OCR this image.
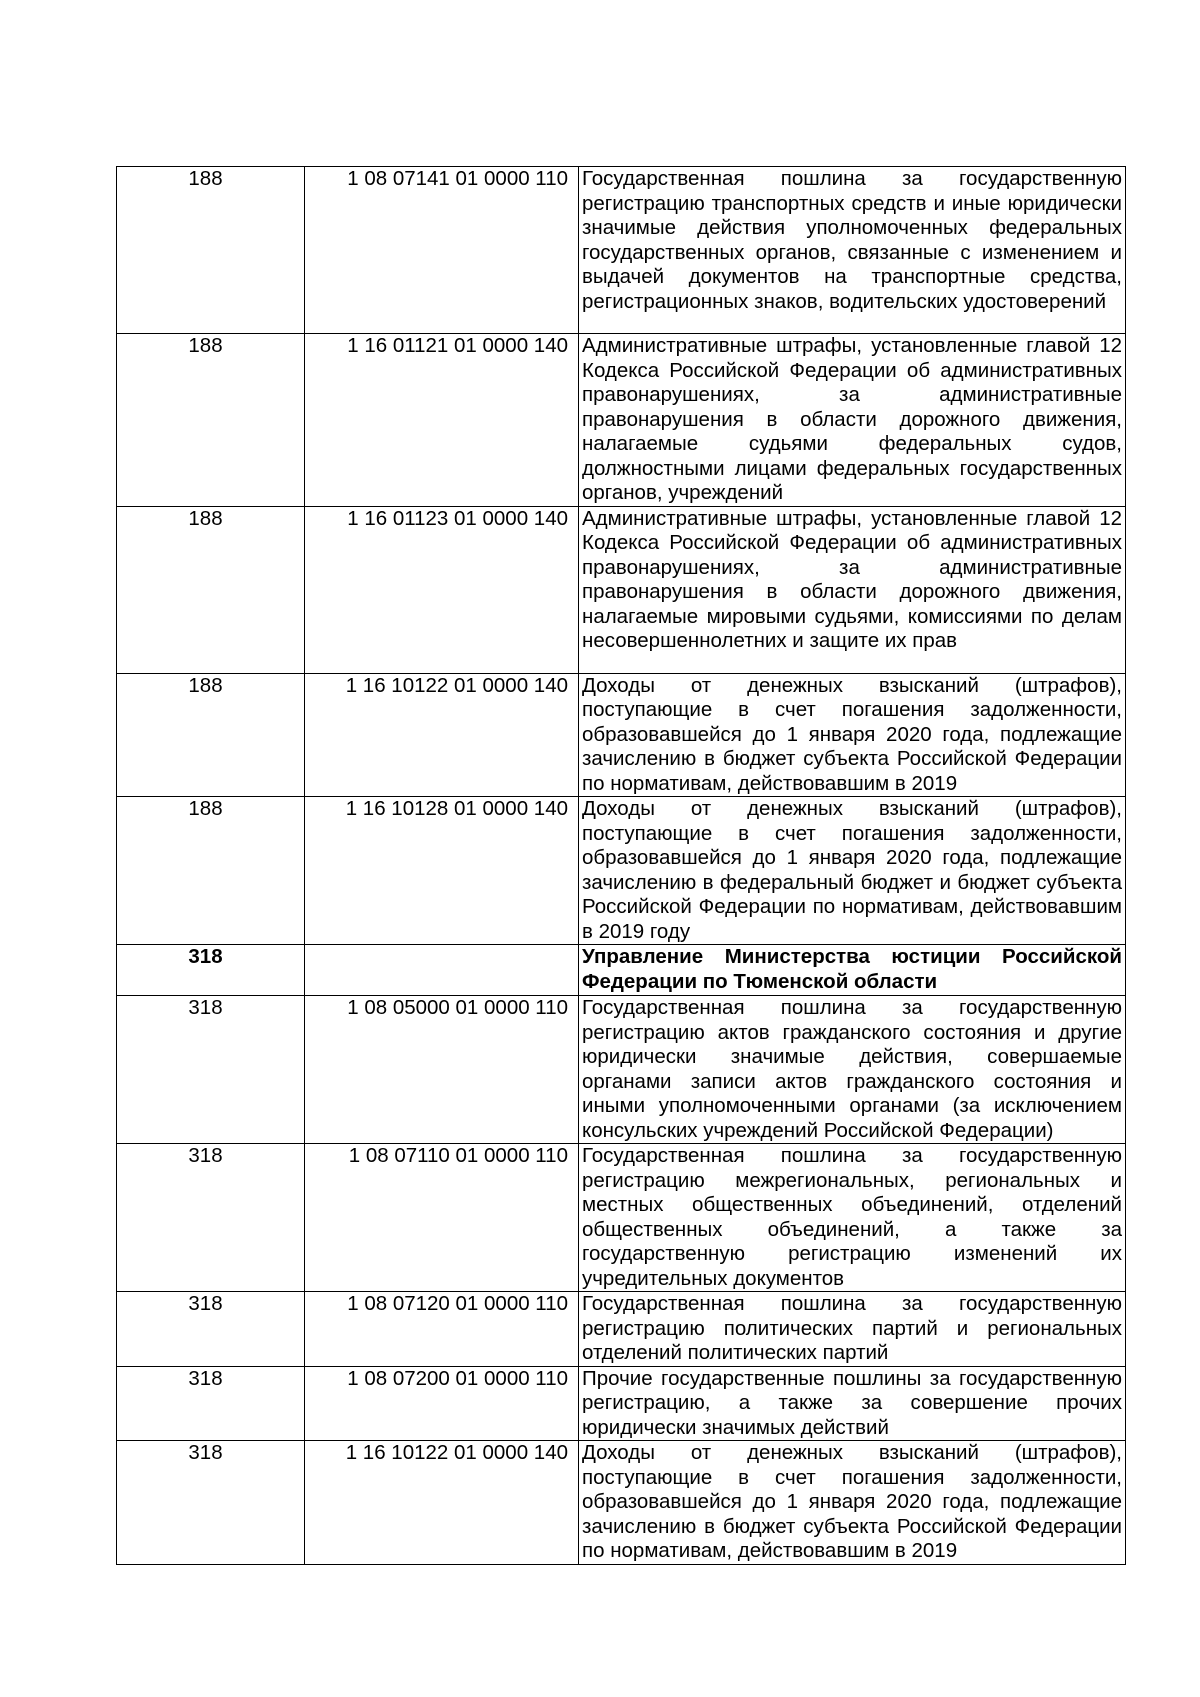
188	1 08 07141 01 0000 110	Государственная пошлина за государственную регистрацию транспортных средств и иные юридически значимые действия уполномоченных федеральных государственных органов, связанные с изменением и выдачей документов на транспортные средства, регистрационных знаков, водительских удостоверений
188	1 16 01121 01 0000 140	Административные штрафы, установленные главой 12 Кодекса Российской Федерации об административных правонарушениях, за административные правонарушения в области дорожного движения, налагаемые судьями федеральных судов, должностными лицами федеральных государственных органов, учреждений
188	1 16 01123 01 0000 140	Административные штрафы, установленные главой 12 Кодекса Российской Федерации об административных правонарушениях, за административные правонарушения в области дорожного движения, налагаемые мировыми судьями, комиссиями по делам несовершеннолетних и защите их прав
188	1 16 10122 01 0000 140	Доходы от денежных взысканий (штрафов), поступающие в счет погашения задолженности, образовавшейся до 1 января 2020 года, подлежащие зачислению в бюджет субъекта Российской Федерации по нормативам, действовавшим в 2019
188	1 16 10128 01 0000 140	Доходы от денежных взысканий (штрафов), поступающие в счет погашения задолженности, образовавшейся до 1 января 2020 года, подлежащие зачислению в федеральный бюджет и бюджет субъекта Российской Федерации по нормативам, действовавшим в 2019 году
318		Управление Министерства юстиции Российской Федерации по Тюменской области
318	1 08 05000 01 0000 110	Государственная пошлина за государственную регистрацию актов гражданского состояния и другие юридически значимые действия, совершаемые органами записи актов гражданского состояния и иными уполномоченными органами (за исключением консульских учреждений Российской Федерации)
318	1 08 07110 01 0000 110	Государственная пошлина за государственную регистрацию межрегиональных, региональных и местных общественных объединений, отделений общественных объединений, а также за государственную регистрацию изменений их учредительных документов
318	1 08 07120 01 0000 110	Государственная пошлина за государственную регистрацию политических партий и региональных отделений политических партий
318	1 08 07200 01 0000 110	Прочие государственные пошлины за государственную регистрацию, а также за совершение прочих юридически значимых действий
318	1 16 10122 01 0000 140	Доходы от денежных взысканий (штрафов), поступающие в счет погашения задолженности, образовавшейся до 1 января 2020 года, подлежащие зачислению в бюджет субъекта Российской Федерации по нормативам, действовавшим в 2019
